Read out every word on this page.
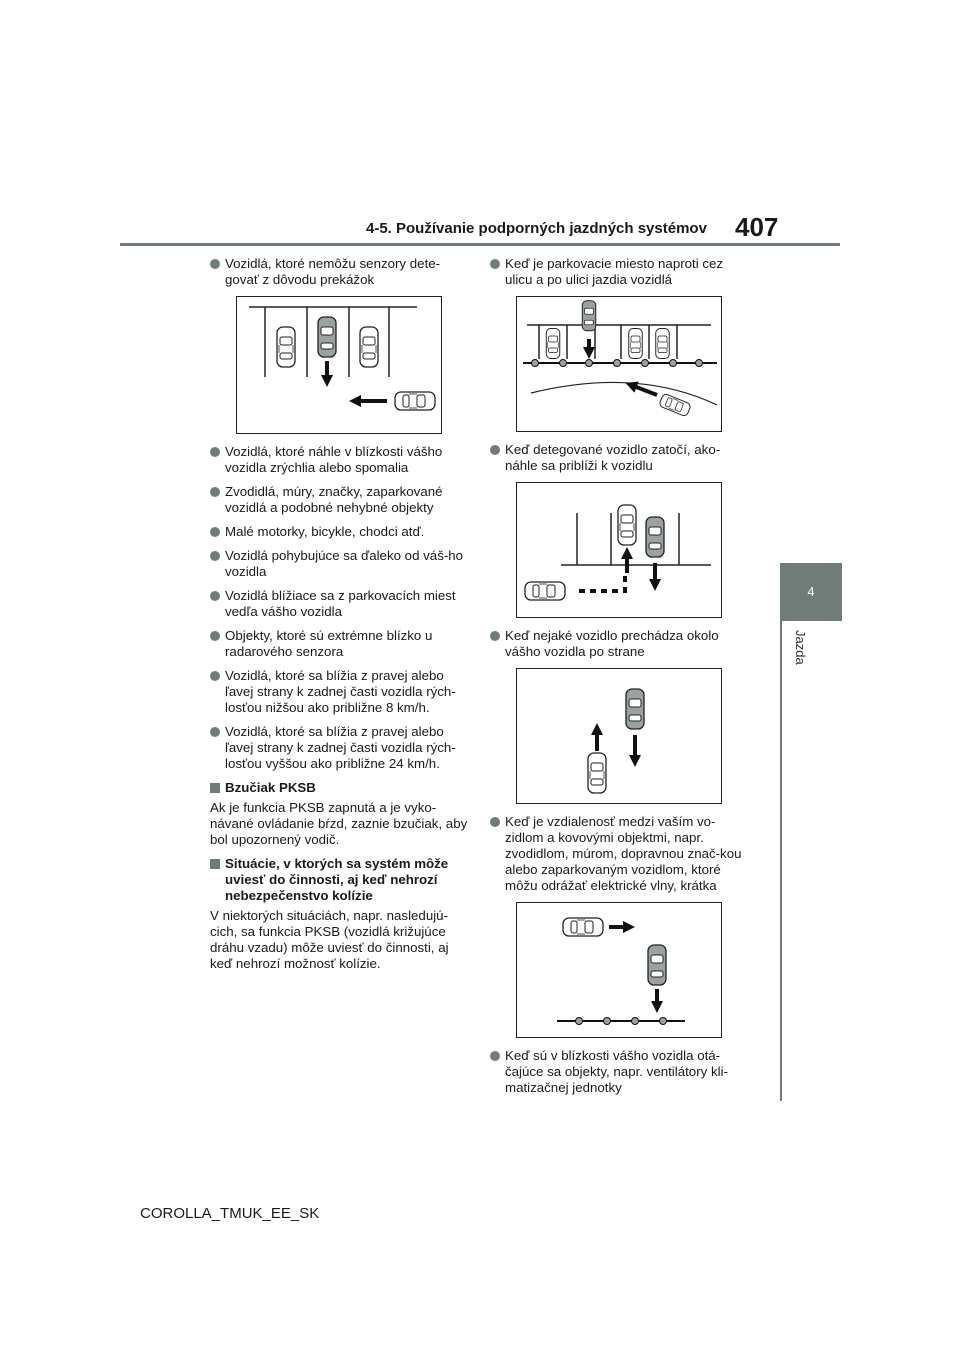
4-5. Používanie podporných jazdných systémov 407
4
Jazda
Vozidlá, ktoré nemôžu senzory dete-govať z dôvodu prekážok
Vozidlá, ktoré náhle v blízkosti vášho vozidla zrýchlia alebo spomalia
Zvodidlá, múry, značky, zaparkované vozidlá a podobné nehybné objekty
Malé motorky, bicykle, chodci atď.
Vozidlá pohybujúce sa ďaleko od váš-ho vozidla
Vozidlá blížiace sa z parkovacích miest vedľa vášho vozidla
Objekty, ktoré sú extrémne blízko u radarového senzora
Vozidlá, ktoré sa blížia z pravej alebo ľavej strany k zadnej časti vozidla rých-losťou nižšou ako približne 8 km/h.
Vozidlá, ktoré sa blížia z pravej alebo ľavej strany k zadnej časti vozidla rých-losťou vyššou ako približne 24 km/h.
Bzučiak PKSB
Ak je funkcia PKSB zapnutá a je vyko-návané ovládanie bŕzd, zaznie bzučiak, aby bol upozornený vodič.
Situácie, v ktorých sa systém môže uviesť do činnosti, aj keď nehrozí nebezpečenstvo kolízie
V niektorých situáciách, napr. nasledujú-cich, sa funkcia PKSB (vozidlá križujúce dráhu vzadu) môže uviesť do činnosti, aj keď nehrozí možnosť kolízie.
Keď je parkovacie miesto naproti cez ulicu a po ulici jazdia vozidlá
Keď detegované vozidlo zatočí, ako-náhle sa priblíži k vozidlu
Keď nejaké vozidlo prechádza okolo vášho vozidla po strane
Keď je vzdialenosť medzi vaším vo-zidlom a kovovými objektmi, napr. zvodidlom, múrom, dopravnou znač-kou alebo zaparkovaným vozidlom, ktoré môžu odrážať elektrické vlny, krátka
Keď sú v blízkosti vášho vozidla otá-čajúce sa objekty, napr. ventilátory kli-matizačnej jednotky
COROLLA_TMUK_EE_SK
